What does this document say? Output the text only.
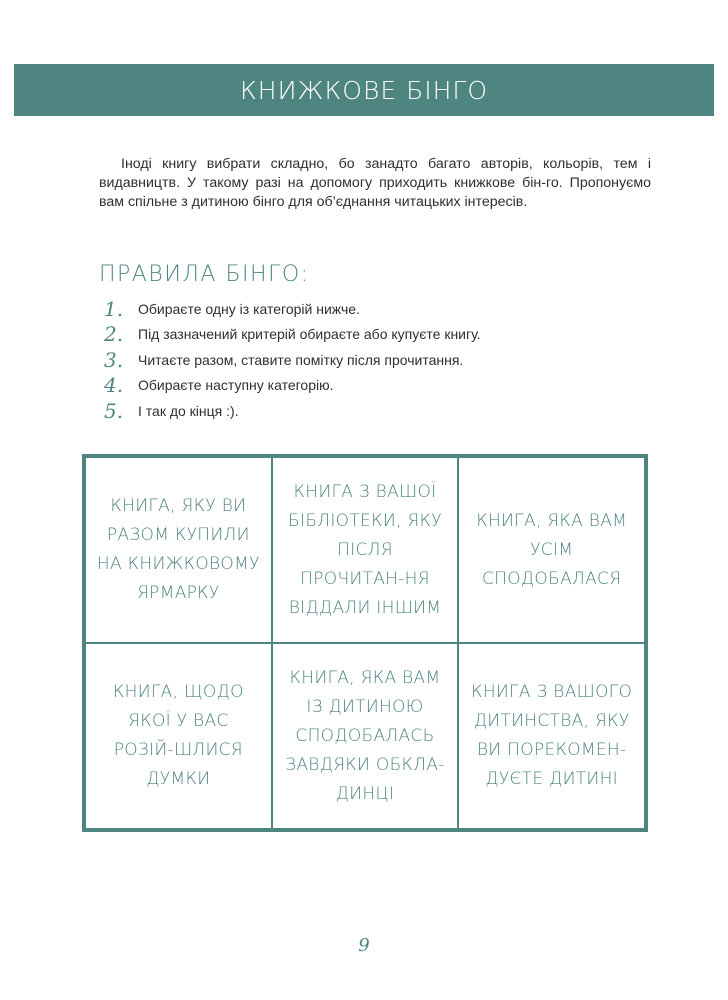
КНИЖКОВЕ БІНГО

Іноді книгу вибрати складно, бо занадто багато авторів, кольорів, тем і видавництв. У такому разі на допомогу приходить книжкове бін-го. Пропонуємо вам спільне з дитиною бінго для об’єднання читацьких інтересів.

ПРАВИЛА БІНГО:
1.	Обираєте одну із категорій нижче.
2.	Під зазначений критерій обираєте або купуєте книгу.
3.	Читаєте разом, ставите помітку після прочитання.
4.	Обираєте наступну категорію.
5.	І так до кінця :).
КНИГА, ЯКУ ВИ РАЗОМ КУПИЛИ НА КНИЖКОВОМУ ЯРМАРКУ
КНИГА З ВАШОЇ БІБЛІОТЕКИ, ЯКУ ПІСЛЯ ПРОЧИТАН-НЯ ВІДДАЛИ ІНШИМ
КНИГА, ЯКА ВАМ УСІМ СПОДОБАЛАСЯ
КНИГА, ЩОДО ЯКОЇ У ВАС РОЗІЙ-ШЛИСЯ ДУМКИ
КНИГА, ЯКА ВАМ ІЗ ДИТИНОЮ СПОДОБАЛАСЬ ЗАВДЯКИ ОБКЛА-ДИНЦІ
КНИГА З ВАШОГО ДИТИНСТВА, ЯКУ ВИ ПОРЕКОМЕН-ДУЄТЕ ДИТИНІ
9
